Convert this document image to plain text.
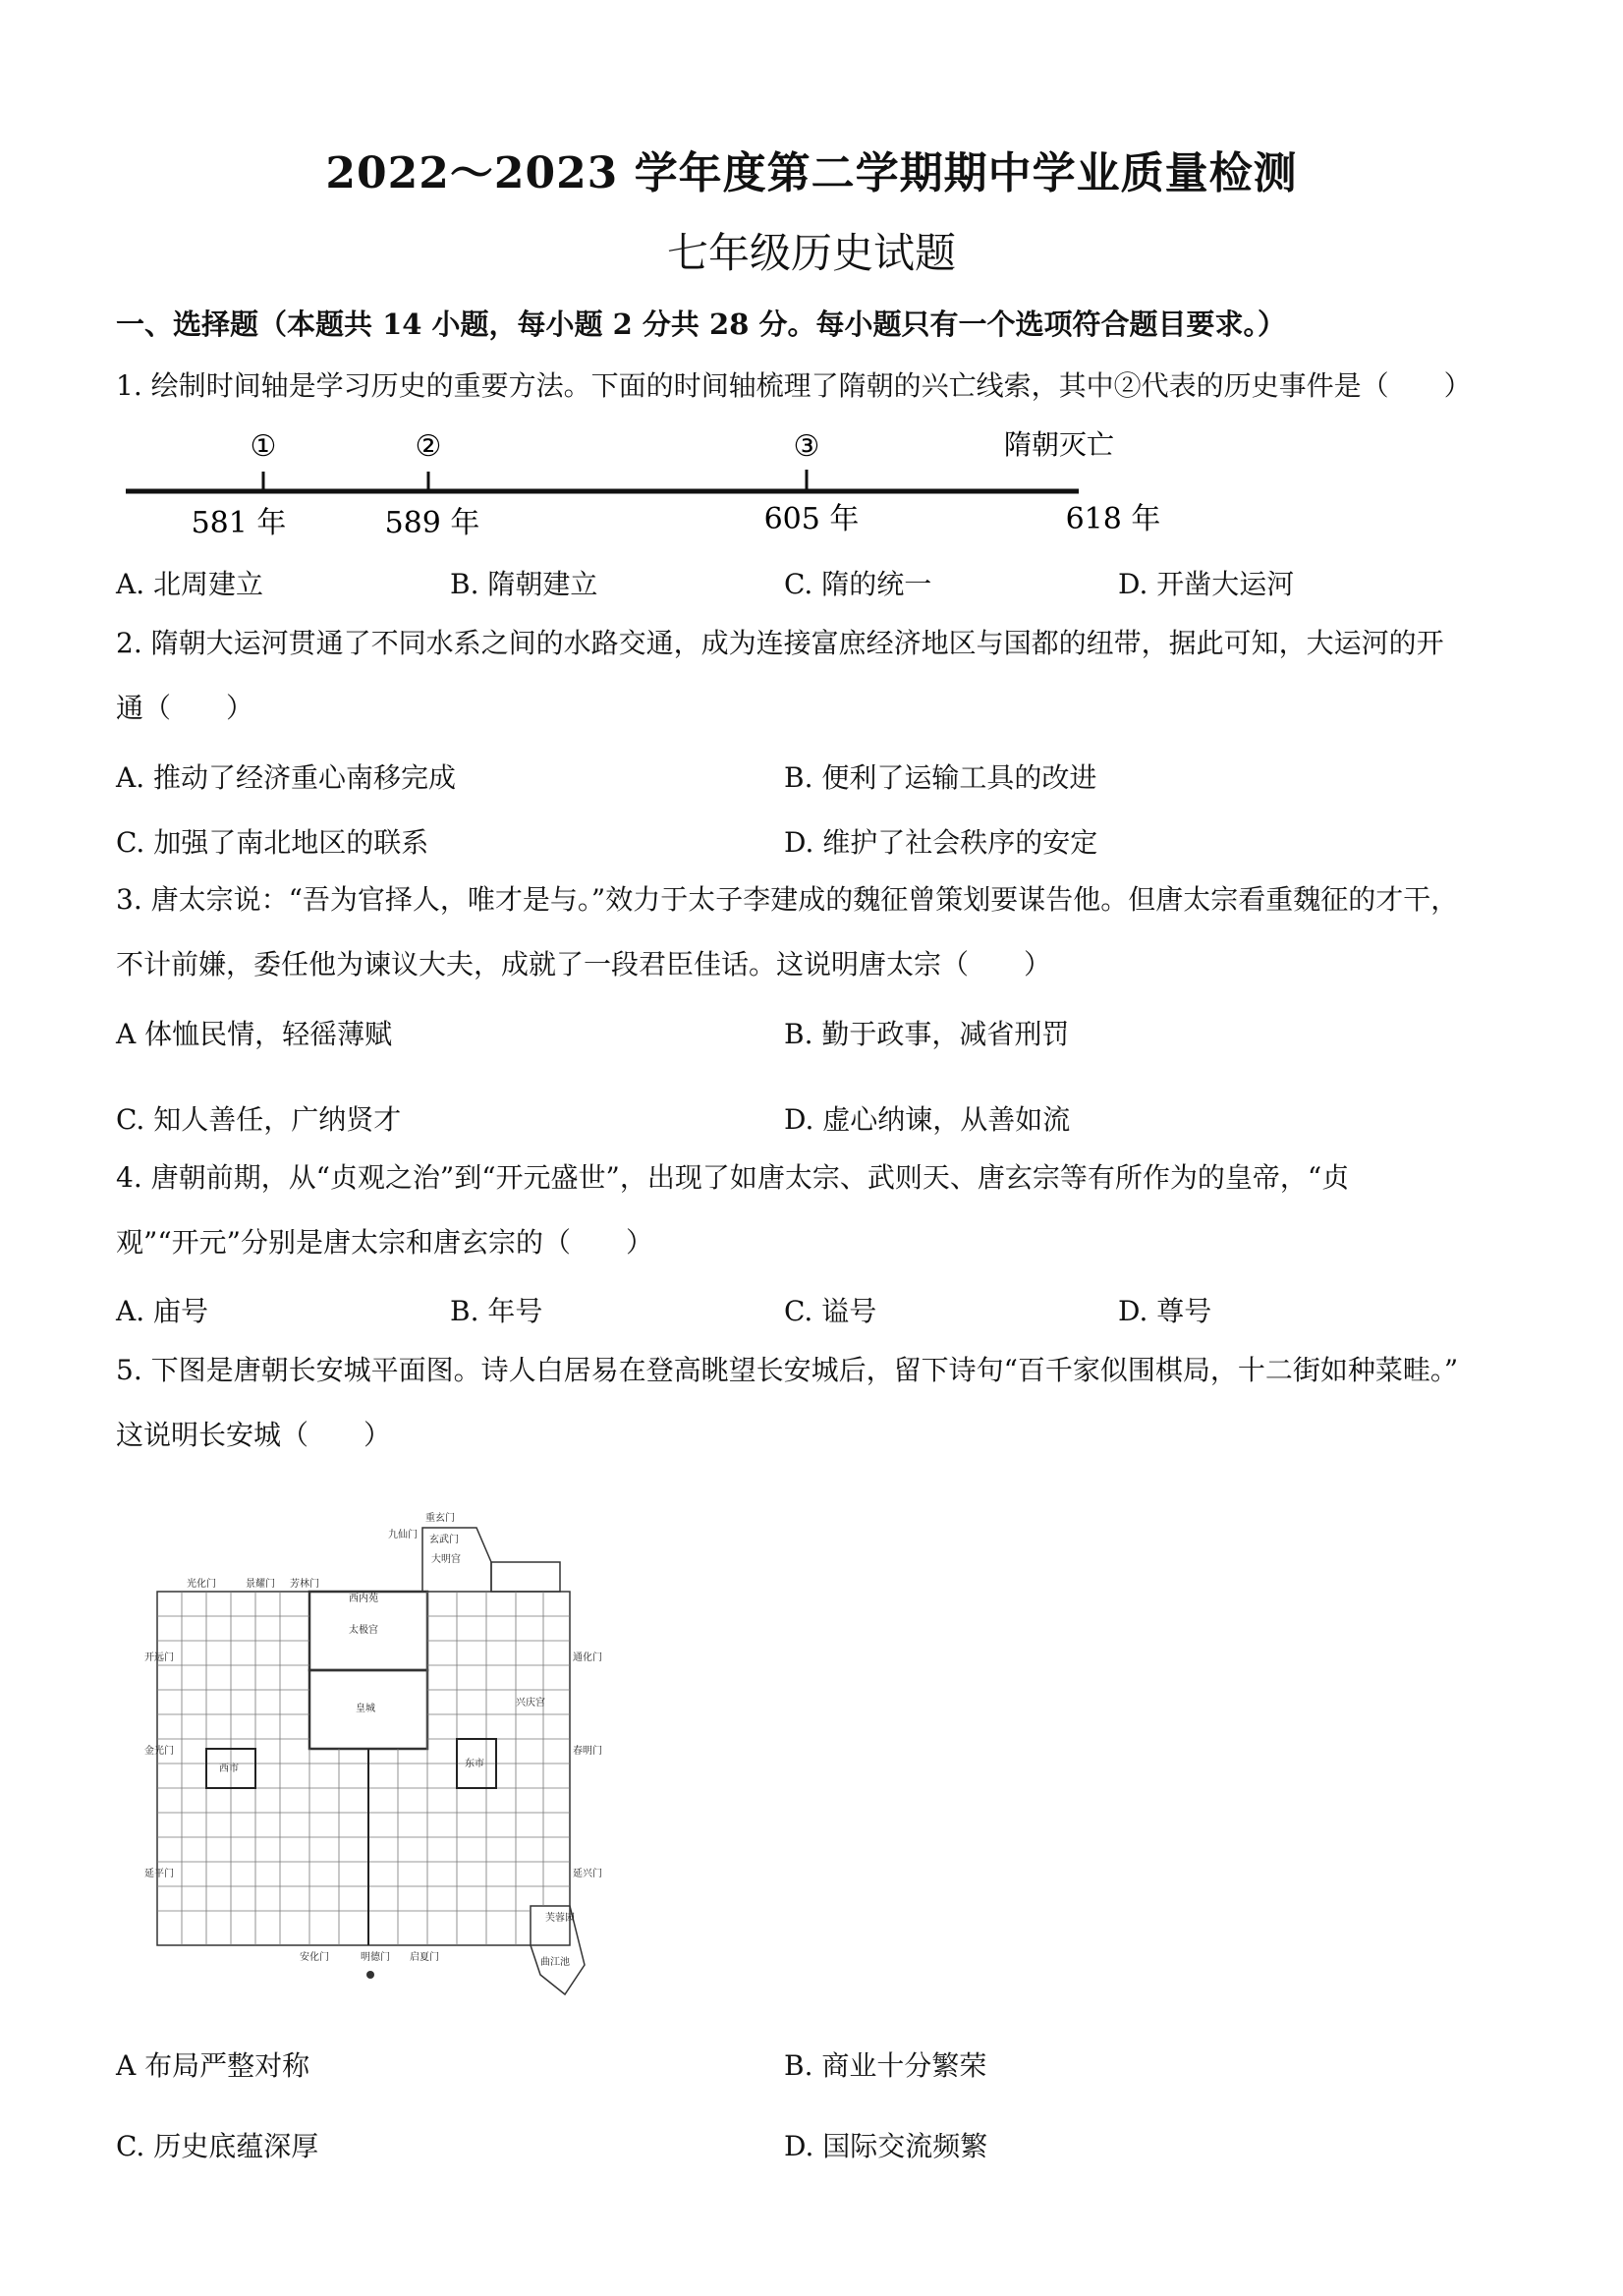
2022～2023 学年度第二学期期中学业质量检测
七年级历史试题
一、选择题（本题共 14 小题，每小题 2 分共 28 分。每小题只有一个选项符合题目要求。）
1. 绘制时间轴是学习历史的重要方法。下面的时间轴梳理了隋朝的兴亡线索，其中②代表的历史事件是（　　）
①	②	③	隋朝灭亡
581 年	589 年	605 年	618 年
A. 北周建立	B. 隋朝建立	C. 隋的统一	D. 开凿大运河
2. 隋朝大运河贯通了不同水系之间的水路交通，成为连接富庶经济地区与国都的纽带，据此可知，大运河的开
通（　　）
A. 推动了经济重心南移完成	B. 便利了运输工具的改进
C. 加强了南北地区的联系	D. 维护了社会秩序的安定
3. 唐太宗说：“吾为官择人，唯才是与。”效力于太子李建成的魏征曾策划要谋告他。但唐太宗看重魏征的才干，
不计前嫌，委任他为谏议大夫，成就了一段君臣佳话。这说明唐太宗（　　）
A 体恤民情，轻徭薄赋	B. 勤于政事，减省刑罚
C. 知人善任，广纳贤才	D. 虚心纳谏，从善如流
4. 唐朝前期，从“贞观之治”到“开元盛世”，出现了如唐太宗、武则天、唐玄宗等有所作为的皇帝，“贞
观”“开元”分别是唐太宗和唐玄宗的（　　）
A. 庙号	B. 年号	C. 谥号	D. 尊号
5. 下图是唐朝长安城平面图。诗人白居易在登高眺望长安城后，留下诗句“百千家似围棋局，十二街如种菜畦。”
这说明长安城（　　）
重玄门
玄武门
九仙门
光化门	景耀门 芳林门
开远门	通化门
金光门	春明门
延平门	延兴门
安化门	明德门 启夏门
大明宫
西内苑
太极宫
皇城
兴庆宫
东市
西市
曲江池
芙蓉园
A 布局严整对称	B. 商业十分繁荣
C. 历史底蕴深厚	D. 国际交流频繁
